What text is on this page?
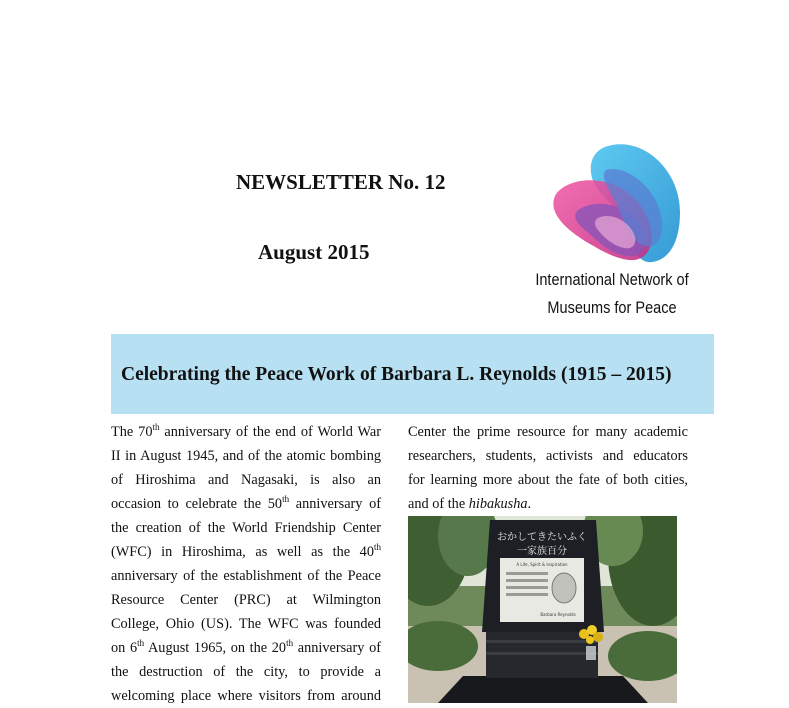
NEWSLETTER No. 12
August 2015
International Network of
Museums for Peace
Celebrating the Peace Work of Barbara L. Reynolds (1915 – 2015)
The 70th anniversary of the end of World War
II in August 1945, and of the atomic bombing
of Hiroshima and Nagasaki, is also an
occasion to celebrate the 50th anniversary of
the creation of the World Friendship Center
(WFC) in Hiroshima, as well as the 40th
anniversary of the establishment of the Peace
Resource Center (PRC) at Wilmington
College, Ohio (US). The WFC was founded
on 6th August 1965, on the 20th anniversary of
the destruction of the city, to provide a
welcoming place where visitors from around
Center the prime resource for many academic
researchers, students, activists and educators
for learning more about the fate of both cities,
and of the hibakusha.
おかしてきたいふく
一家族百分
A Life, Spirit & Inspiration
Barbara Reynolds
